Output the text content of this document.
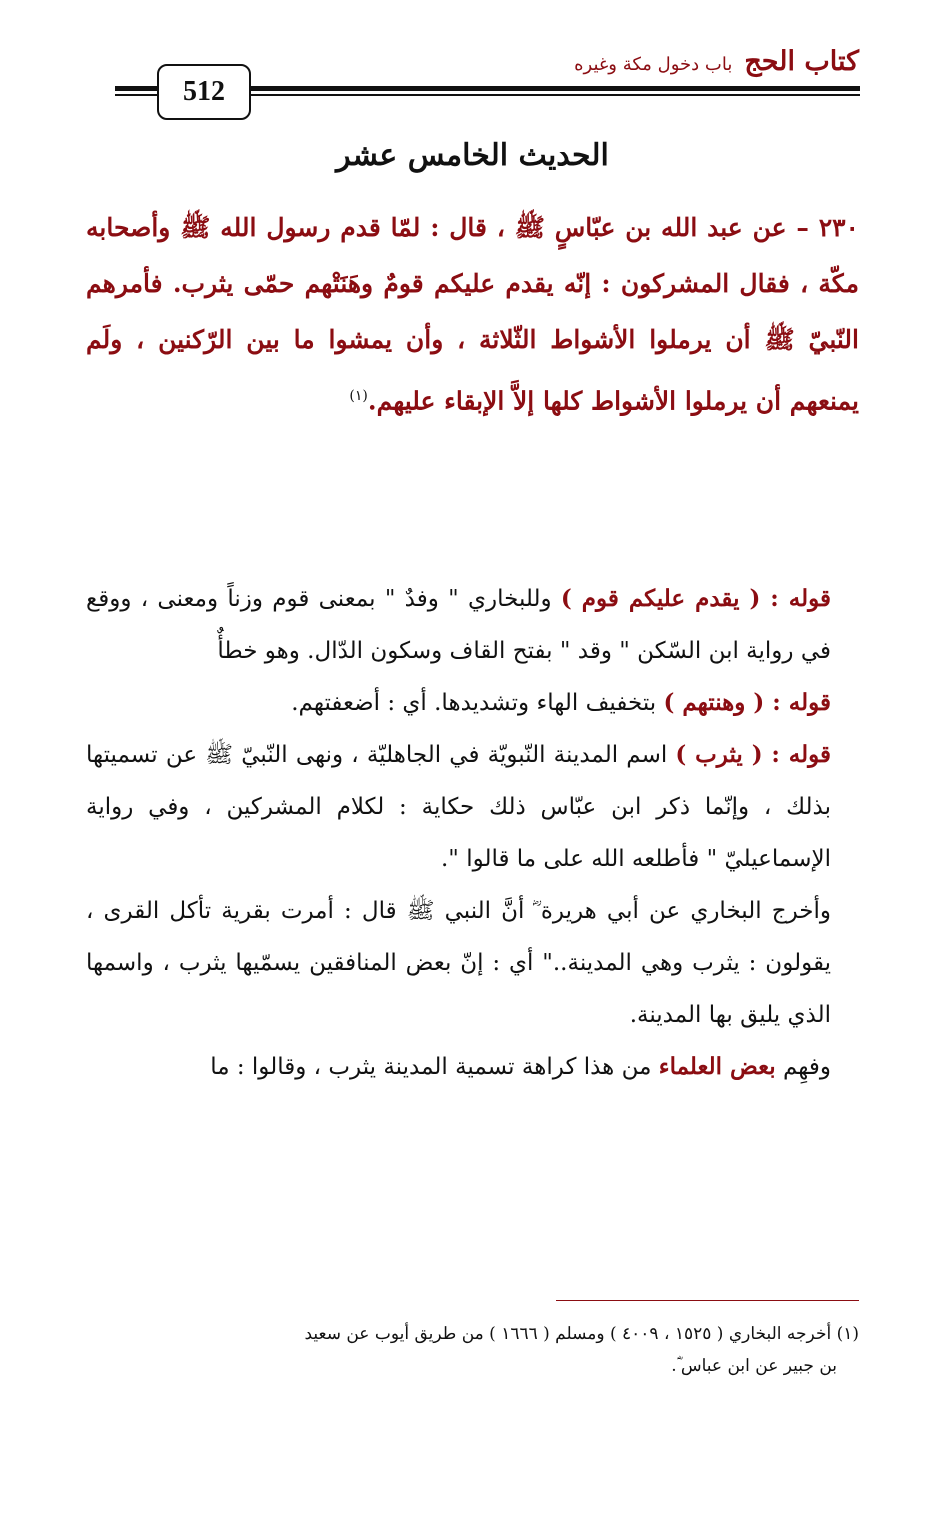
كتاب الحج
باب دخول مكة وغيره
512
الحديث الخامس عشر

٢٣٠ – عن عبد الله بن عبّاسٍ ﷺ ، قال : لمّا قدم رسول الله ﷺ وأصحابه مكّة ، فقال المشركون : إنّه يقدم عليكم قومٌ وهَنَتْهم حمّى يثرب. فأمرهم النّبيّ ﷺ أن يرملوا الأشواط الثّلاثة ، وأن يمشوا ما بين الرّكنين ، ولَم يمنعهم أن يرملوا الأشواط كلها إلاَّ الإبقاء عليهم.$^{(١)}$

قوله : ( يقدم عليكم قوم ) وللبخاري " وفدٌ " بمعنى قوم وزناً ومعنى ، ووقع في رواية ابن السّكن " وقد " بفتح القاف وسكون الدّال. وهو خطأٌ

قوله : ( وهنتهم ) بتخفيف الهاء وتشديدها. أي : أضعفتهم.

قوله : ( يثرب ) اسم المدينة النّبويّة في الجاهليّة ، ونهى النّبيّ ﷺ عن تسميتها بذلك ، وإنّما ذكر ابن عبّاس ذلك حكاية : لكلام المشركين ، وفي رواية الإسماعيليّ " فأطلعه الله على ما قالوا ".

وأخرج البخاري عن أبي هريرة ؓ أنَّ النبي ﷺ قال : أمرت بقرية تأكل القرى ، يقولون : يثرب وهي المدينة.." أي : إنّ بعض المنافقين يسمّيها يثرب ، واسمها الذي يليق بها المدينة.

وفهِم بعض العلماء من هذا كراهة تسمية المدينة يثرب ، وقالوا : ما

(١) أخرجه البخاري ( ١٥٢٥ ، ٤٠٠٩ ) ومسلم ( ١٦٦٦ ) من طريق أيوب عن سعيد

بن جبير عن ابن عباس ؓ.
